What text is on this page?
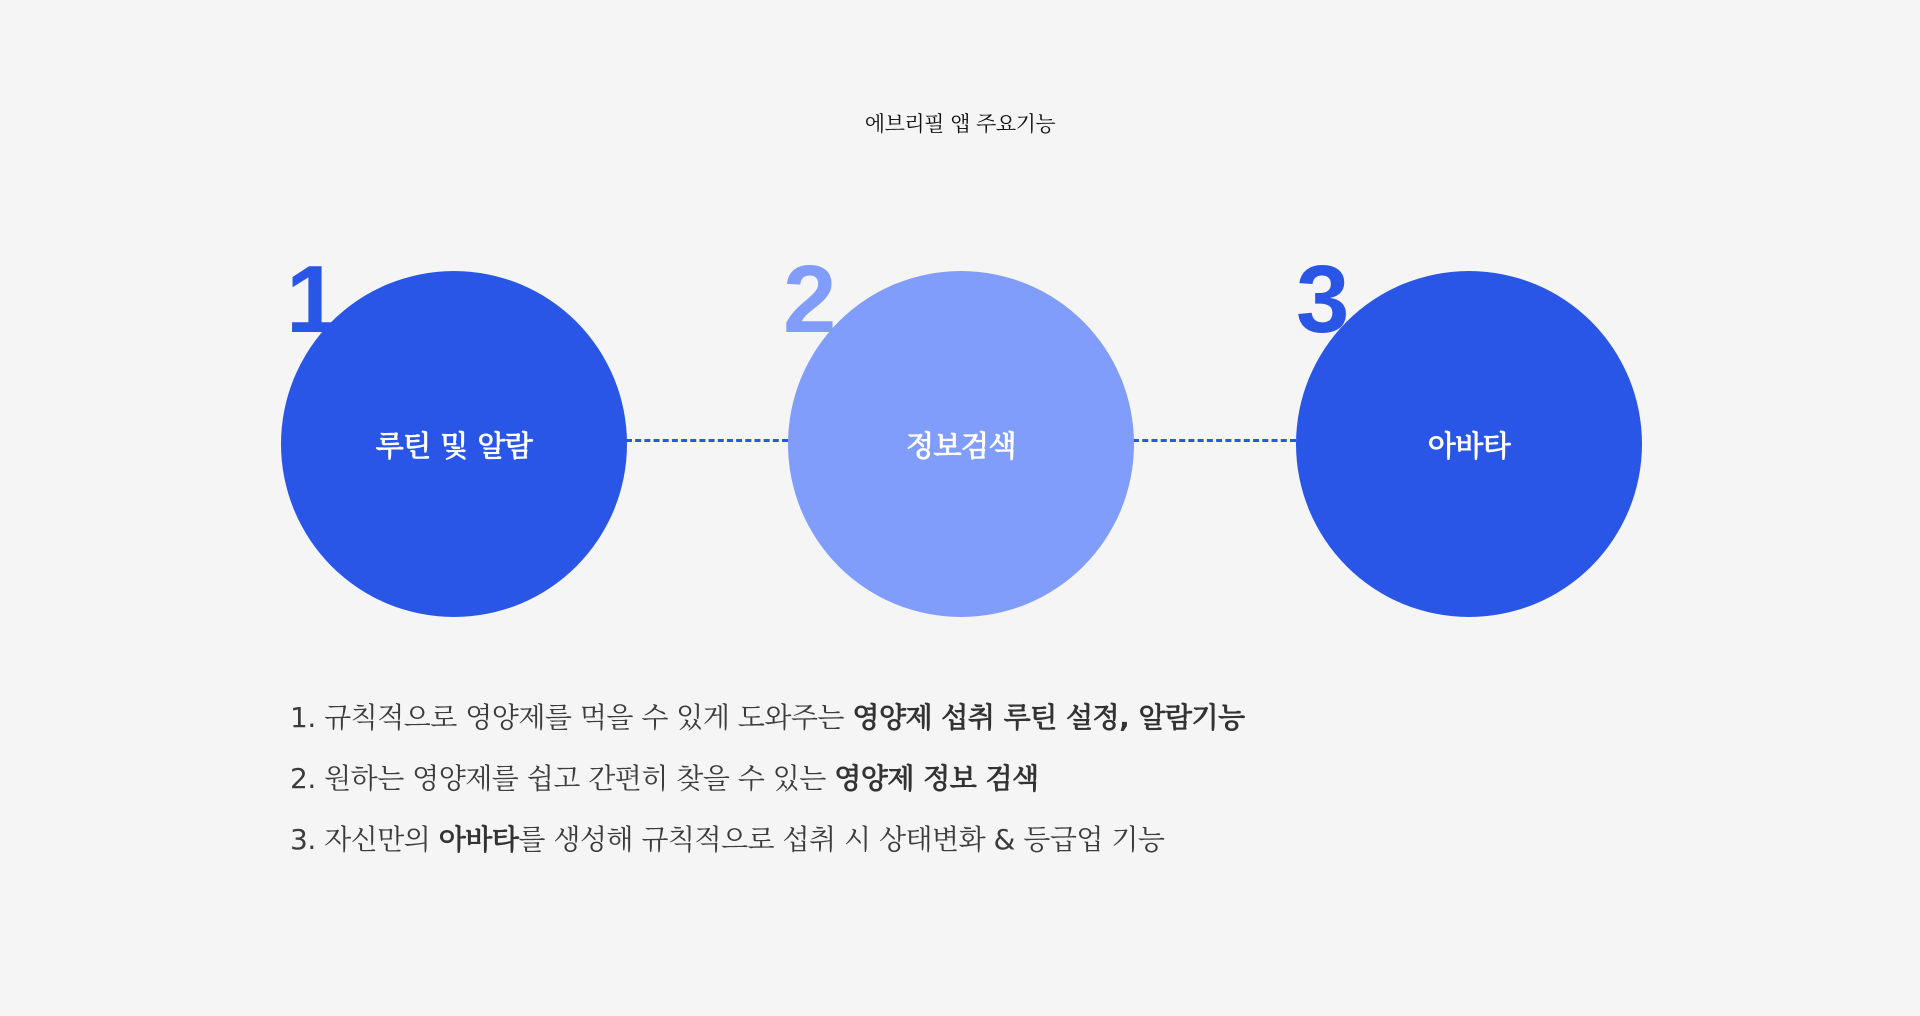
에브리필 앱 주요기능
루틴 및 알람
1
정보검색
2
아바타
3
1. 규칙적으로 영양제를 먹을 수 있게 도와주는 영양제 섭취 루틴 설정, 알람기능
2. 원하는 영양제를 쉽고 간편히 찾을 수 있는 영양제 정보 검색
3. 자신만의 아바타를 생성해 규칙적으로 섭취 시 상태변화 & 등급업 기능
